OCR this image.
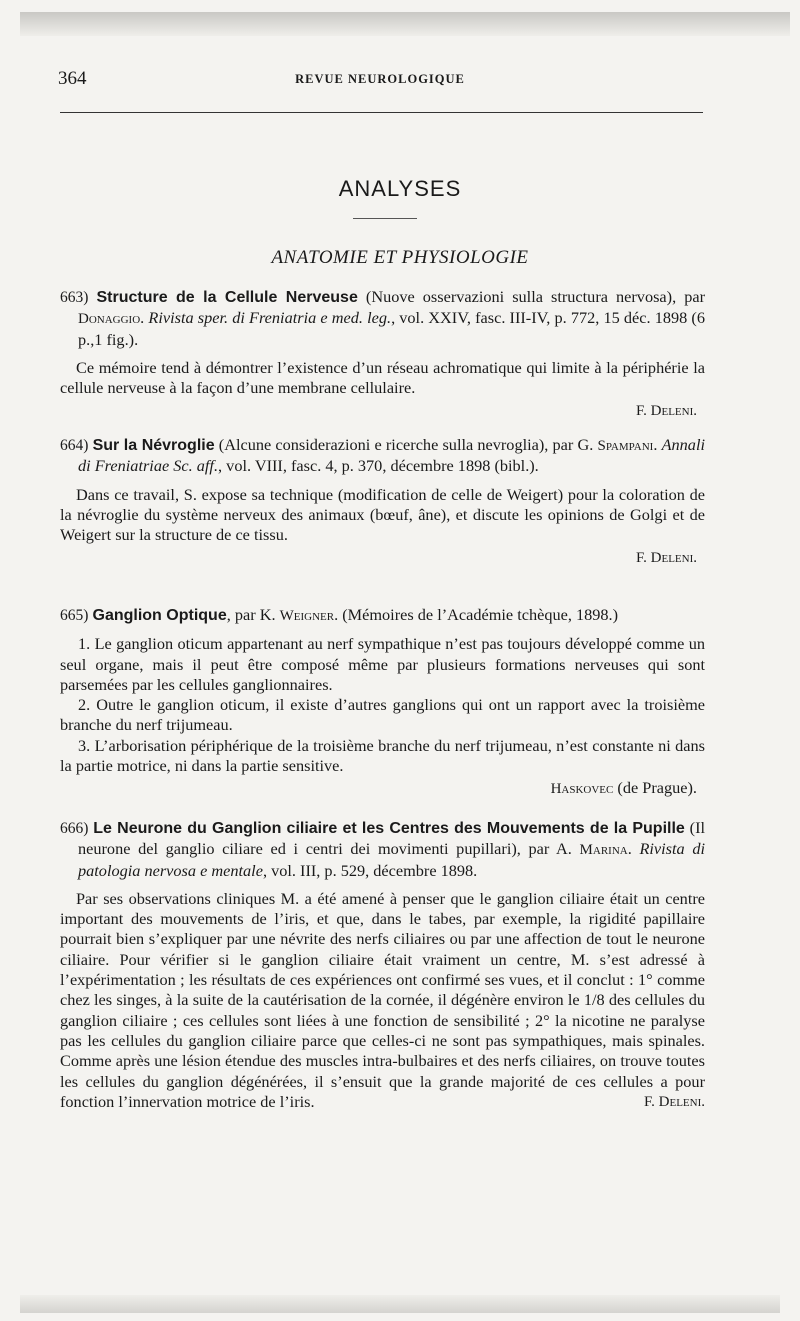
364	REVUE NEUROLOGIQUE
ANALYSES
ANATOMIE ET PHYSIOLOGIE

663) Structure de la Cellule Nerveuse (Nuove osservazioni sulla structura nervosa), par Donaggio. Rivista sper. di Freniatria e med. leg., vol. XXIV, fasc. III-IV, p. 772, 15 déc. 1898 (6 p.,1 fig.).

Ce mémoire tend à démontrer l’existence d’un réseau achromatique qui limite à la périphérie la cellule nerveuse à la façon d’une membrane cellulaire.

F. Deleni.

664) Sur la Névroglie (Alcune considerazioni e ricerche sulla nevroglia), par G. Spampani. Annali di Freniatriae Sc. aff., vol. VIII, fasc. 4, p. 370, décembre 1898 (bibl.).

Dans ce travail, S. expose sa technique (modification de celle de Weigert) pour la coloration de la névroglie du système nerveux des animaux (bœuf, âne), et discute les opinions de Golgi et de Weigert sur la structure de ce tissu.

F. Deleni.

665) Ganglion Optique, par K. Weigner. (Mémoires de l’Académie tchèque, 1898.)

1. Le ganglion oticum appartenant au nerf sympathique n’est pas toujours développé comme un seul organe, mais il peut être composé même par plusieurs formations nerveuses qui sont parsemées par les cellules ganglionnaires.

2. Outre le ganglion oticum, il existe d’autres ganglions qui ont un rapport avec la troisième branche du nerf trijumeau.

3. L’arborisation périphérique de la troisième branche du nerf trijumeau, n’est constante ni dans la partie motrice, ni dans la partie sensitive.

Haskovec (de Prague).

666) Le Neurone du Ganglion ciliaire et les Centres des Mouvements de la Pupille (Il neurone del ganglio ciliare ed i centri dei movimenti pupillari), par A. Marina. Rivista di patologia nervosa e mentale, vol. III, p. 529, décembre 1898.

Par ses observations cliniques M. a été amené à penser que le ganglion ciliaire était un centre important des mouvements de l’iris, et que, dans le tabes, par exemple, la rigidité papillaire pourrait bien s’expliquer par une névrite des nerfs ciliaires ou par une affection de tout le neurone ciliaire. Pour vérifier si le ganglion ciliaire était vraiment un centre, M. s’est adressé à l’expérimentation ; les résultats de ces expériences ont confirmé ses vues, et il conclut : 1° comme chez les singes, à la suite de la cautérisation de la cornée, il dégénère environ le 1/8 des cellules du ganglion ciliaire ; ces cellules sont liées à une fonction de sensibilité ; 2° la nicotine ne paralyse pas les cellules du ganglion ciliaire parce que celles-ci ne sont pas sympathiques, mais spinales. Comme après une lésion étendue des muscles intra-bulbaires et des nerfs ciliaires, on trouve toutes les cellules du ganglion dégénérées, il s’ensuit que la grande majorité de ces cellules a pour fonction l’innervation motrice de l’iris.	F. Deleni.
